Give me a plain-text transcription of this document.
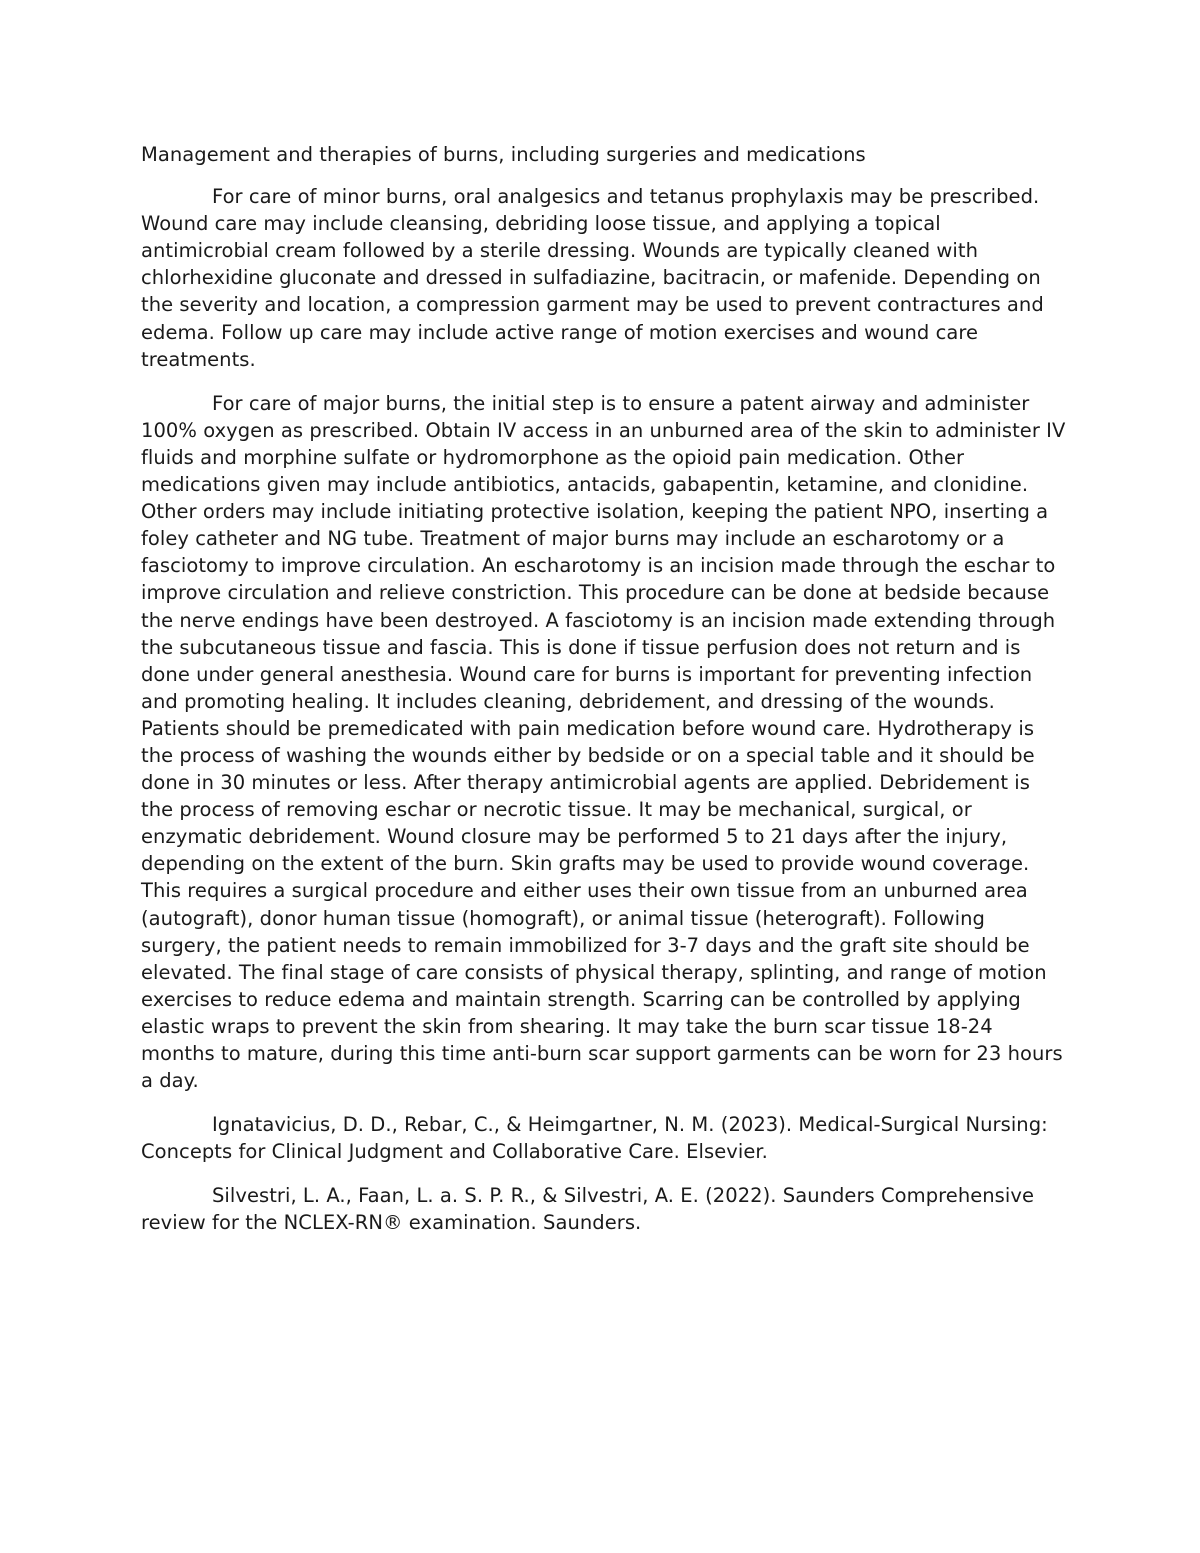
Management and therapies of burns, including surgeries and medications

For care of minor burns, oral analgesics and tetanus prophylaxis may be prescribed. Wound care may include cleansing, debriding loose tissue, and applying a topical antimicrobial cream followed by a sterile dressing. Wounds are typically cleaned with chlorhexidine gluconate and dressed in sulfadiazine, bacitracin, or mafenide. Depending on the severity and location, a compression garment may be used to prevent contractures and edema. Follow up care may include active range of motion exercises and wound care treatments.

For care of major burns, the initial step is to ensure a patent airway and administer 100% oxygen as prescribed. Obtain IV access in an unburned area of the skin to administer IV fluids and morphine sulfate or hydromorphone as the opioid pain medication. Other medications given may include antibiotics, antacids, gabapentin, ketamine, and clonidine. Other orders may include initiating protective isolation, keeping the patient NPO, inserting a foley catheter and NG tube. Treatment of major burns may include an escharotomy or a fasciotomy to improve circulation. An escharotomy is an incision made through the eschar to improve circulation and relieve constriction. This procedure can be done at bedside because the nerve endings have been destroyed. A fasciotomy is an incision made extending through the subcutaneous tissue and fascia. This is done if tissue perfusion does not return and is done under general anesthesia. Wound care for burns is important for preventing infection and promoting healing. It includes cleaning, debridement, and dressing of the wounds. Patients should be premedicated with pain medication before wound care. Hydrotherapy is the process of washing the wounds either by bedside or on a special table and it should be done in 30 minutes or less. After therapy antimicrobial agents are applied. Debridement is the process of removing eschar or necrotic tissue. It may be mechanical, surgical, or enzymatic debridement. Wound closure may be performed 5 to 21 days after the injury, depending on the extent of the burn. Skin grafts may be used to provide wound coverage. This requires a surgical procedure and either uses their own tissue from an unburned area (autograft), donor human tissue (homograft), or animal tissue (heterograft). Following surgery, the patient needs to remain immobilized for 3-7 days and the graft site should be elevated. The final stage of care consists of physical therapy, splinting, and range of motion exercises to reduce edema and maintain strength. Scarring can be controlled by applying elastic wraps to prevent the skin from shearing. It may take the burn scar tissue 18-24 months to mature, during this time anti-burn scar support garments can be worn for 23 hours a day.

Ignatavicius, D. D., Rebar, C., & Heimgartner, N. M. (2023). Medical-Surgical Nursing: Concepts for Clinical Judgment and Collaborative Care. Elsevier.

Silvestri, L. A., Faan, L. a. S. P. R., & Silvestri, A. E. (2022). Saunders Comprehensive review for the NCLEX-RN® examination. Saunders.
